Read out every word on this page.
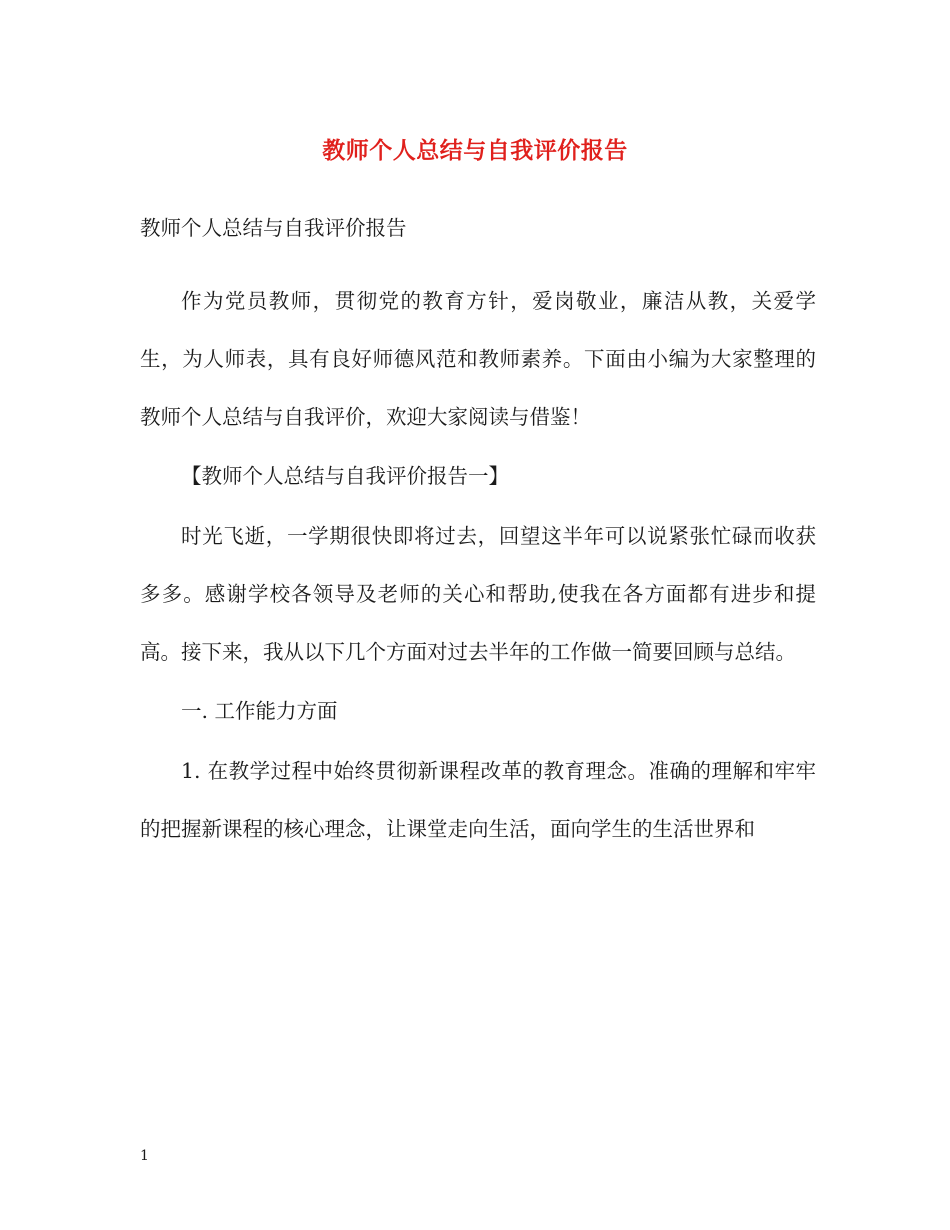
教师个人总结与自我评价报告

教师个人总结与自我评价报告

作为党员教师，贯彻党的教育方针，爱岗敬业，廉洁从教，关爱学生，为人师表，具有良好师德风范和教师素养。下面由小编为大家整理的教师个人总结与自我评价，欢迎大家阅读与借鉴！

【教师个人总结与自我评价报告一】

时光飞逝，一学期很快即将过去，回望这半年可以说紧张忙碌而收获多多。感谢学校各领导及老师的关心和帮助,使我在各方面都有进步和提高。接下来，我从以下几个方面对过去半年的工作做一简要回顾与总结。

一. 工作能力方面

1. 在教学过程中始终贯彻新课程改革的教育理念。准确的理解和牢牢的把握新课程的核心理念，让课堂走向生活，面向学生的生活世界和

1
